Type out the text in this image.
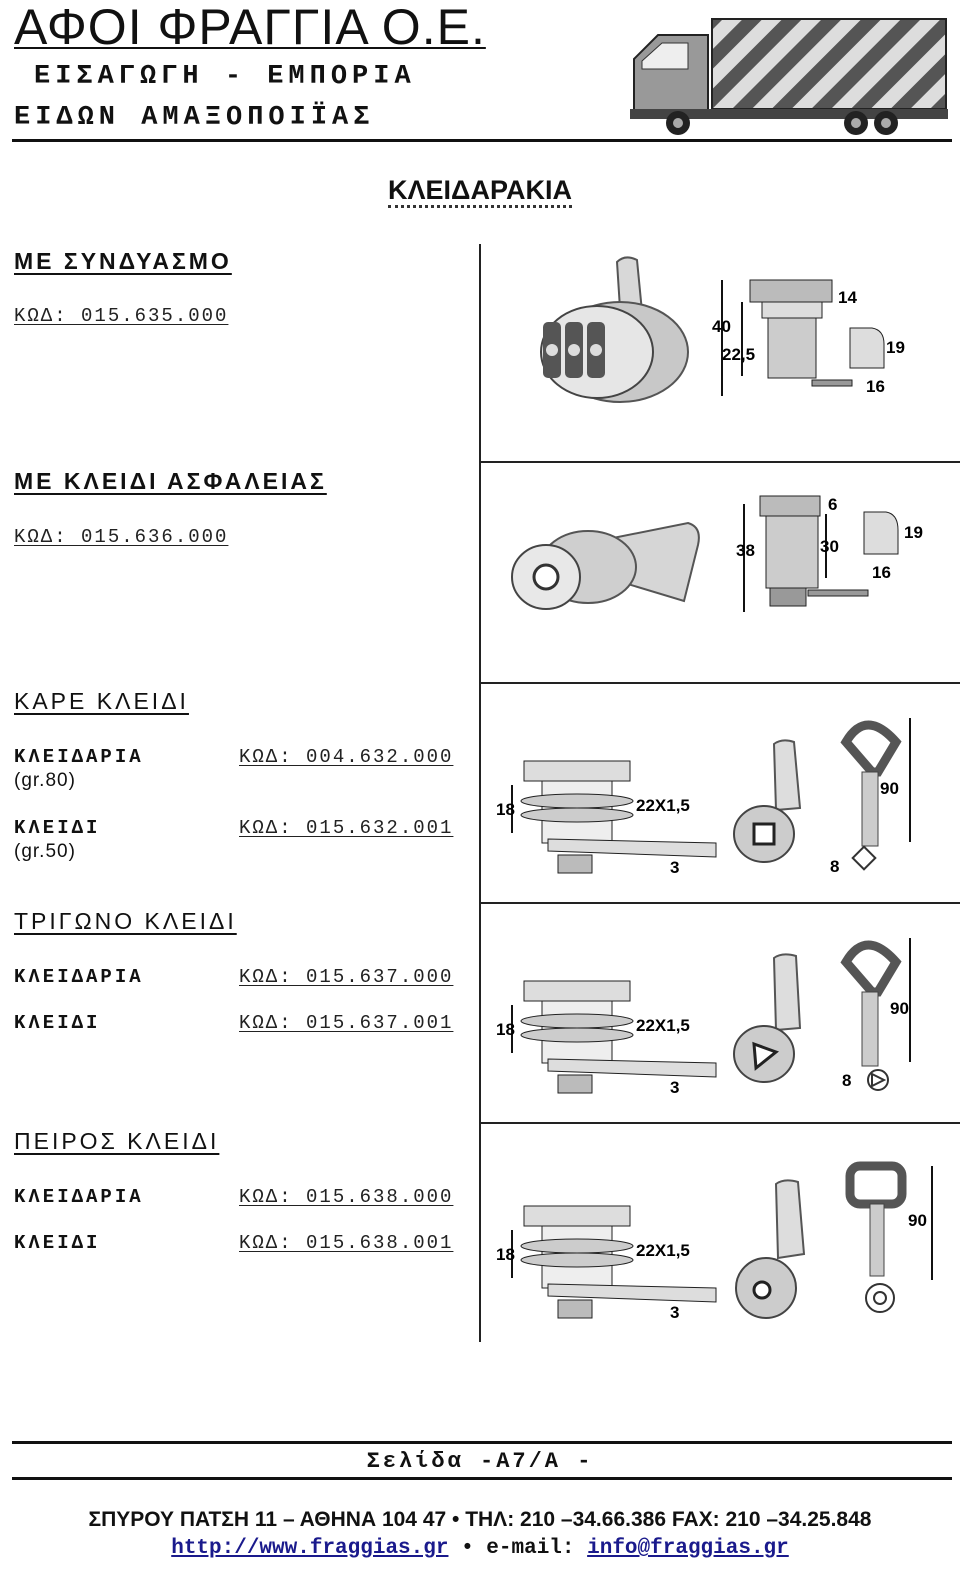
ΑΦΟΙ ΦΡΑΓΓΙΑ Ο.Ε.
ΕΙΣΑΓΩΓΗ - ΕΜΠΟΡΙΑ
ΕΙΔΩΝ ΑΜΑΞΟΠΟΙΪΑΣ
ΚΛΕΙΔΑΡΑΚΙΑ
ΜΕ ΣΥΝΔΥΑΣΜΟ
ΚΩΔ: 015.635.000	40
22,5
14
19
16
ΜΕ ΚΛΕΙΔΙ ΑΣΦΑΛΕΙΑΣ
ΚΩΔ: 015.636.000
38	30
6
19
16
ΚΑΡΕ ΚΛΕΙΔΙ
ΚΛΕΙΔΑΡΙΑ
(gr.80)
ΚΩΔ: 004.632.000
ΚΛΕΙΔΙ
(gr.50)
ΚΩΔ: 015.632.001
ΤΡΙΓΩΝΟ ΚΛΕΙΔΙ
ΚΛΕΙΔΑΡΙΑ	ΚΩΔ: 015.637.000
ΚΛΕΙΔΙ	ΚΩΔ: 015.637.001
ΠΕΙΡΟΣ ΚΛΕΙΔΙ
ΚΛΕΙΔΑΡΙΑ	ΚΩΔ: 015.638.000
ΚΛΕΙΔΙ	ΚΩΔ: 015.638.001
18	22X1,5
3
90
8
18	22X1,5
3
90
8
18	22X1,5
3
90
Σελίδα -Α7/Α -
ΣΠΥΡΟΥ ΠΑΤΣΗ 11 – ΑΘΗΝΑ 104 47 • ΤΗΛ: 210 –34.66.386 FAX: 210 –34.25.848
http://www.fraggias.gr • e-mail: info@fraggias.gr
